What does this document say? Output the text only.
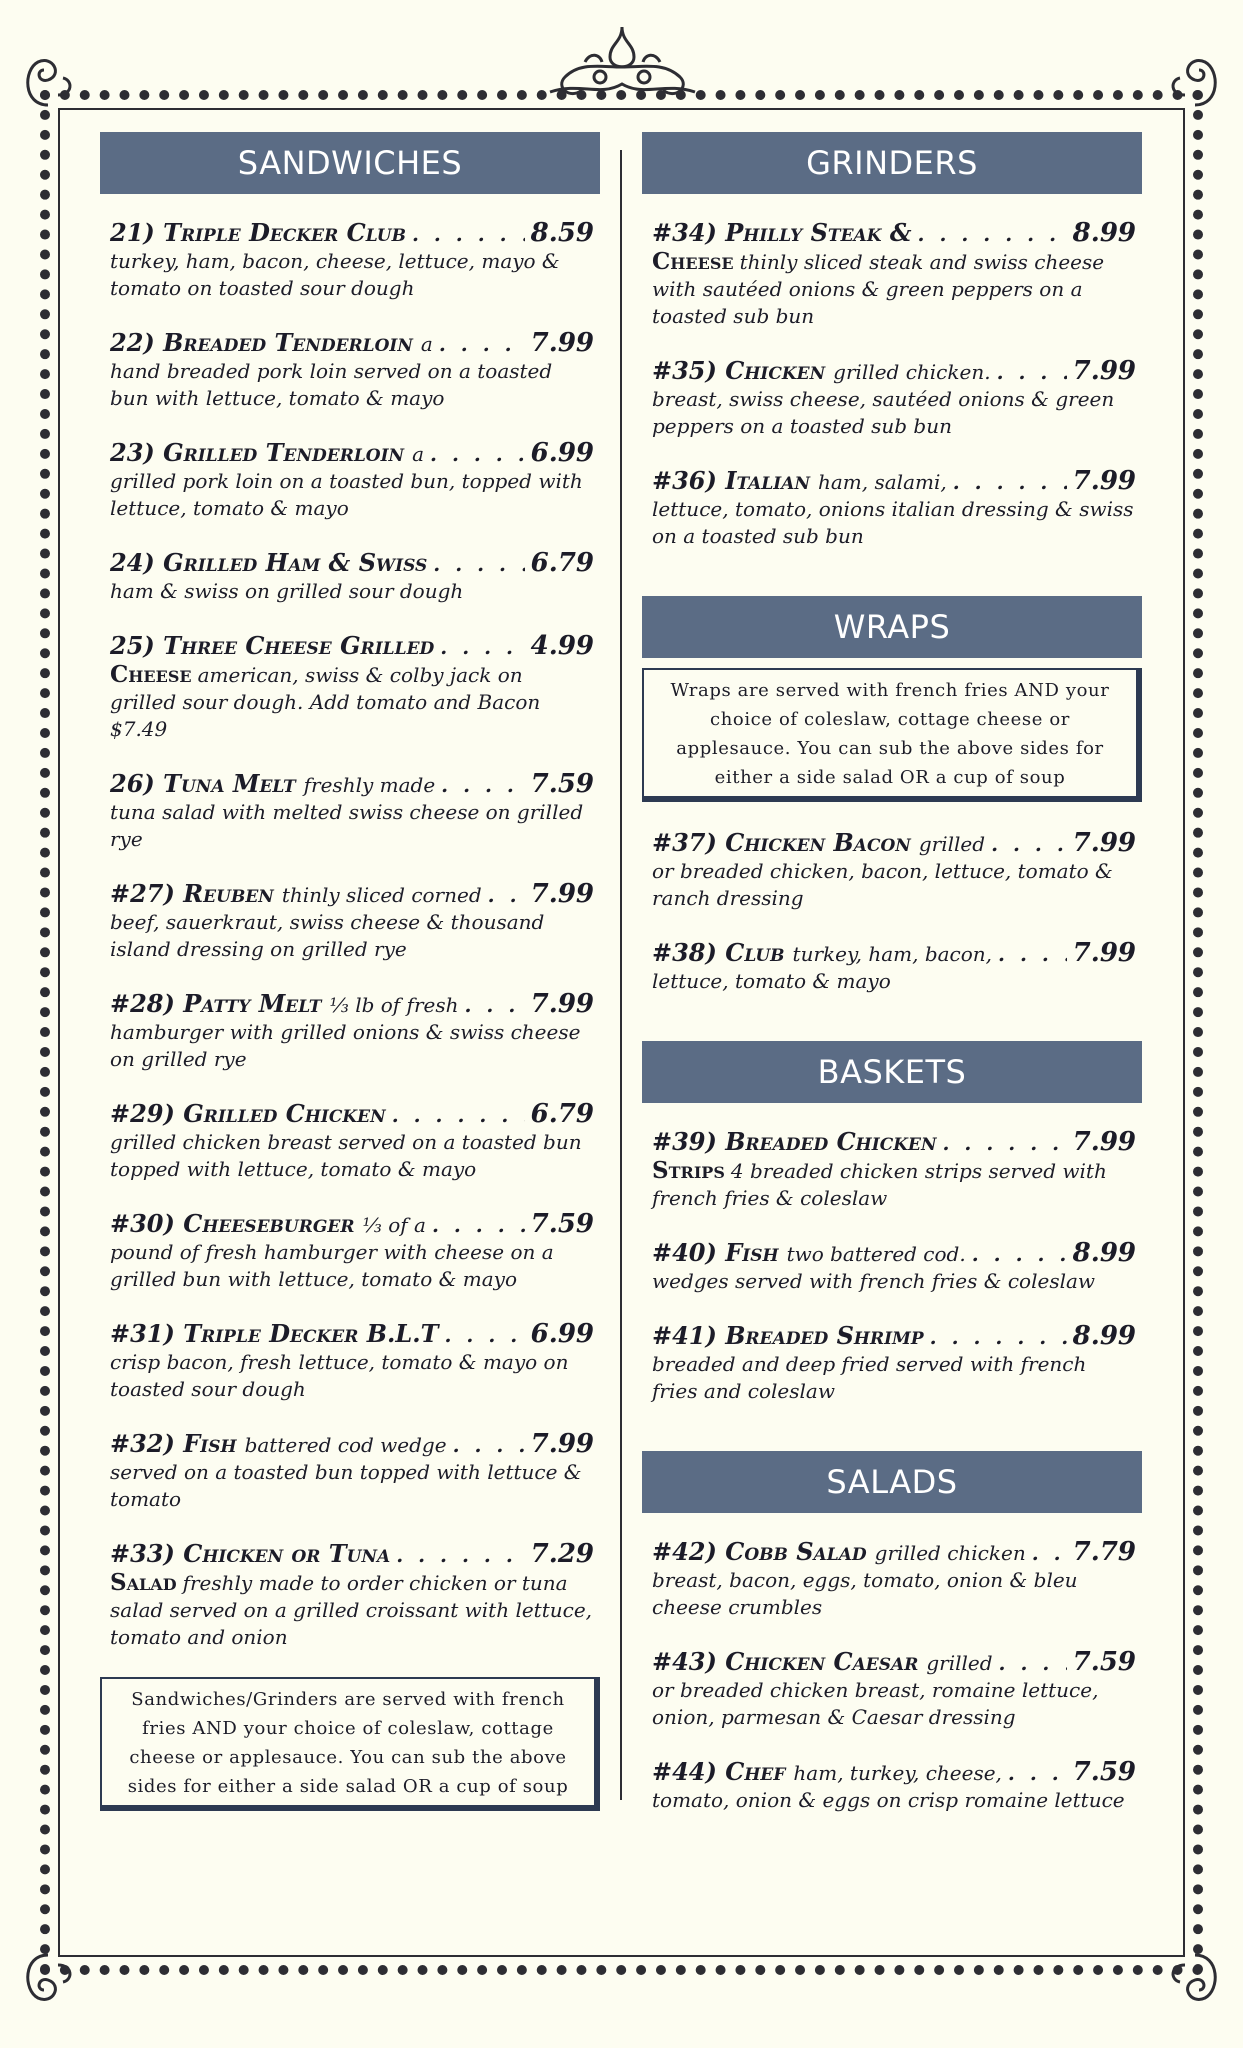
SANDWICHES
21) Triple Decker Club . . .	8.59
turkey, ham, bacon, cheese, lettuce, mayo & tomato on toasted sour dough
22) Breaded Tenderloin a . . .	7.99
hand breaded pork loin served on a toasted bun with lettuce, tomato & mayo
23) Grilled Tenderloin a . . .	6.99
grilled pork loin on a toasted bun, topped with lettuce, tomato & mayo
24) Grilled Ham & Swiss . . .	6.79
ham & swiss on grilled sour dough
25) Three Cheese Grilled . . .	4.99
Cheese american, swiss & colby jack on grilled sour dough. Add tomato and Bacon $7.49
26) Tuna Melt freshly made . . .	7.59
tuna salad with melted swiss cheese on grilled rye
#27) Reuben thinly sliced corned . . . 7.99
beef, sauerkraut, swiss cheese & thousand island dressing on grilled rye
#28) Patty Melt ⅓ lb of fresh . . .	7.99
hamburger with grilled onions & swiss cheese on grilled rye
#29) Grilled Chicken . . .	6.79
grilled chicken breast served on a toasted bun topped with lettuce, tomato & mayo
#30) Cheeseburger ⅓ of a . . .	7.59
pound of fresh hamburger with cheese on a grilled bun with lettuce, tomato & mayo
#31) Triple Decker B.L.T . . .	6.99
crisp bacon, fresh lettuce, tomato & mayo on toasted sour dough
#32) Fish battered cod wedge . . .	7.99
served on a toasted bun topped with lettuce & tomato
#33) Chicken or Tuna . . .	7.29
Salad freshly made to order chicken or tuna salad served on a grilled croissant with lettuce, tomato and onion
Sandwiches/Grinders are served with french fries AND your choice of coleslaw, cottage cheese or applesauce. You can sub the above sides for either a side salad OR a cup of soup
GRINDERS
#34) Philly Steak & . . .	8.99
Cheese thinly sliced steak and swiss cheese with sautéed onions & green peppers on a toasted sub bun
#35) Chicken grilled chicken. . . .	7.99
breast, swiss cheese, sautéed onions & green peppers on a toasted sub bun
#36) Italian ham, salami, . . .	7.99
lettuce, tomato, onions italian dressing & swiss on a toasted sub bun
WRAPS
Wraps are served with french fries AND your choice of coleslaw, cottage cheese or applesauce. You can sub the above sides for either a side salad OR a cup of soup
#37) Chicken Bacon grilled . . .	7.99
or breaded chicken, bacon, lettuce, tomato & ranch dressing
#38) Club turkey, ham, bacon, . . .	7.99
lettuce, tomato & mayo
BASKETS
#39) Breaded Chicken . . .	7.99
Strips 4 breaded chicken strips served with french fries & coleslaw
#40) Fish two battered cod. . . .	8.99
wedges served with french fries & coleslaw
#41) Breaded Shrimp . . .	8.99
breaded and deep fried served with french fries and coleslaw
SALADS
#42) Cobb Salad grilled chicken . . . 7.79
breast, bacon, eggs, tomato, onion & bleu cheese crumbles
#43) Chicken Caesar grilled . . .	7.59
or breaded chicken breast, romaine lettuce, onion, parmesan & Caesar dressing
#44) Chef ham, turkey, cheese, . . .	7.59
tomato, onion & eggs on crisp romaine lettuce
